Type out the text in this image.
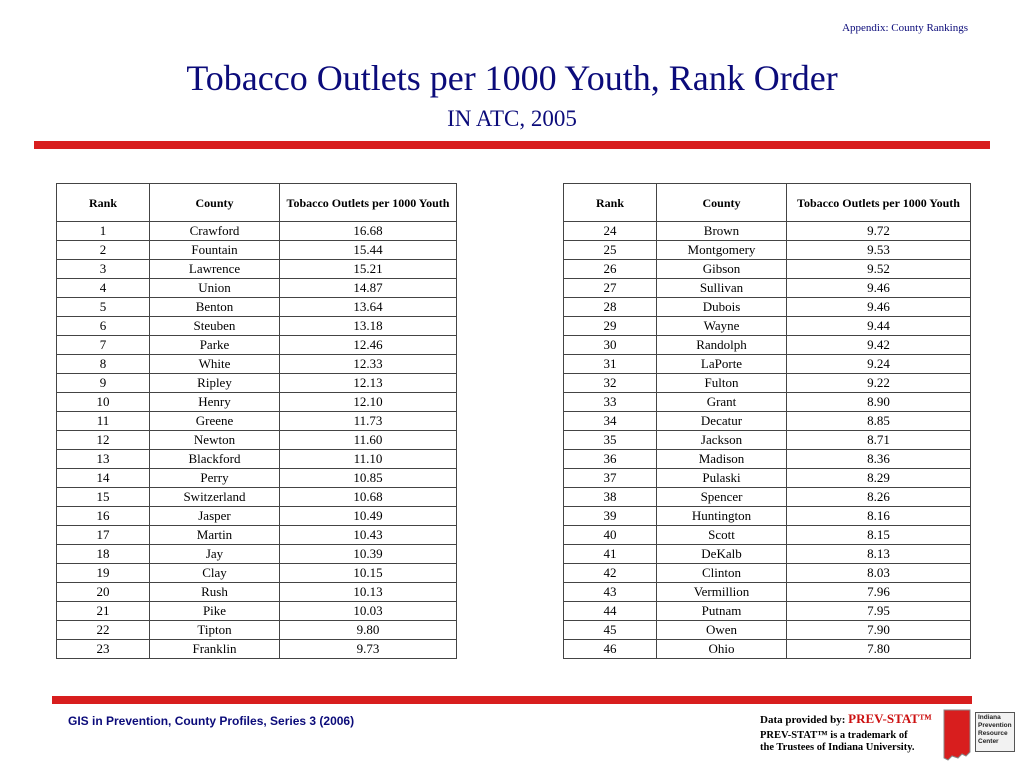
Appendix: County Rankings
Tobacco Outlets per 1000 Youth, Rank Order
IN ATC, 2005
Rank	County	Tobacco Outlets per 1000 Youth
1	Crawford	16.68
2	Fountain	15.44
3	Lawrence	15.21
4	Union	14.87
5	Benton	13.64
6	Steuben	13.18
7	Parke	12.46
8	White	12.33
9	Ripley	12.13
10	Henry	12.10
11	Greene	11.73
12	Newton	11.60
13	Blackford	11.10
14	Perry	10.85
15	Switzerland	10.68
16	Jasper	10.49
17	Martin	10.43
18	Jay	10.39
19	Clay	10.15
20	Rush	10.13
21	Pike	10.03
22	Tipton	9.80
23	Franklin	9.73
Rank	County	Tobacco Outlets per 1000 Youth
24	Brown	9.72
25	Montgomery	9.53
26	Gibson	9.52
27	Sullivan	9.46
28	Dubois	9.46
29	Wayne	9.44
30	Randolph	9.42
31	LaPorte	9.24
32	Fulton	9.22
33	Grant	8.90
34	Decatur	8.85
35	Jackson	8.71
36	Madison	8.36
37	Pulaski	8.29
38	Spencer	8.26
39	Huntington	8.16
40	Scott	8.15
41	DeKalb	8.13
42	Clinton	8.03
43	Vermillion	7.96
44	Putnam	7.95
45	Owen	7.90
46	Ohio	7.80
GIS in Prevention, County Profiles, Series 3 (2006)	Data provided by: PREV-STAT™
PREV-STAT™ is a trademark of
the Trustees of Indiana University.
Indiana
Prevention
Resource
Center
